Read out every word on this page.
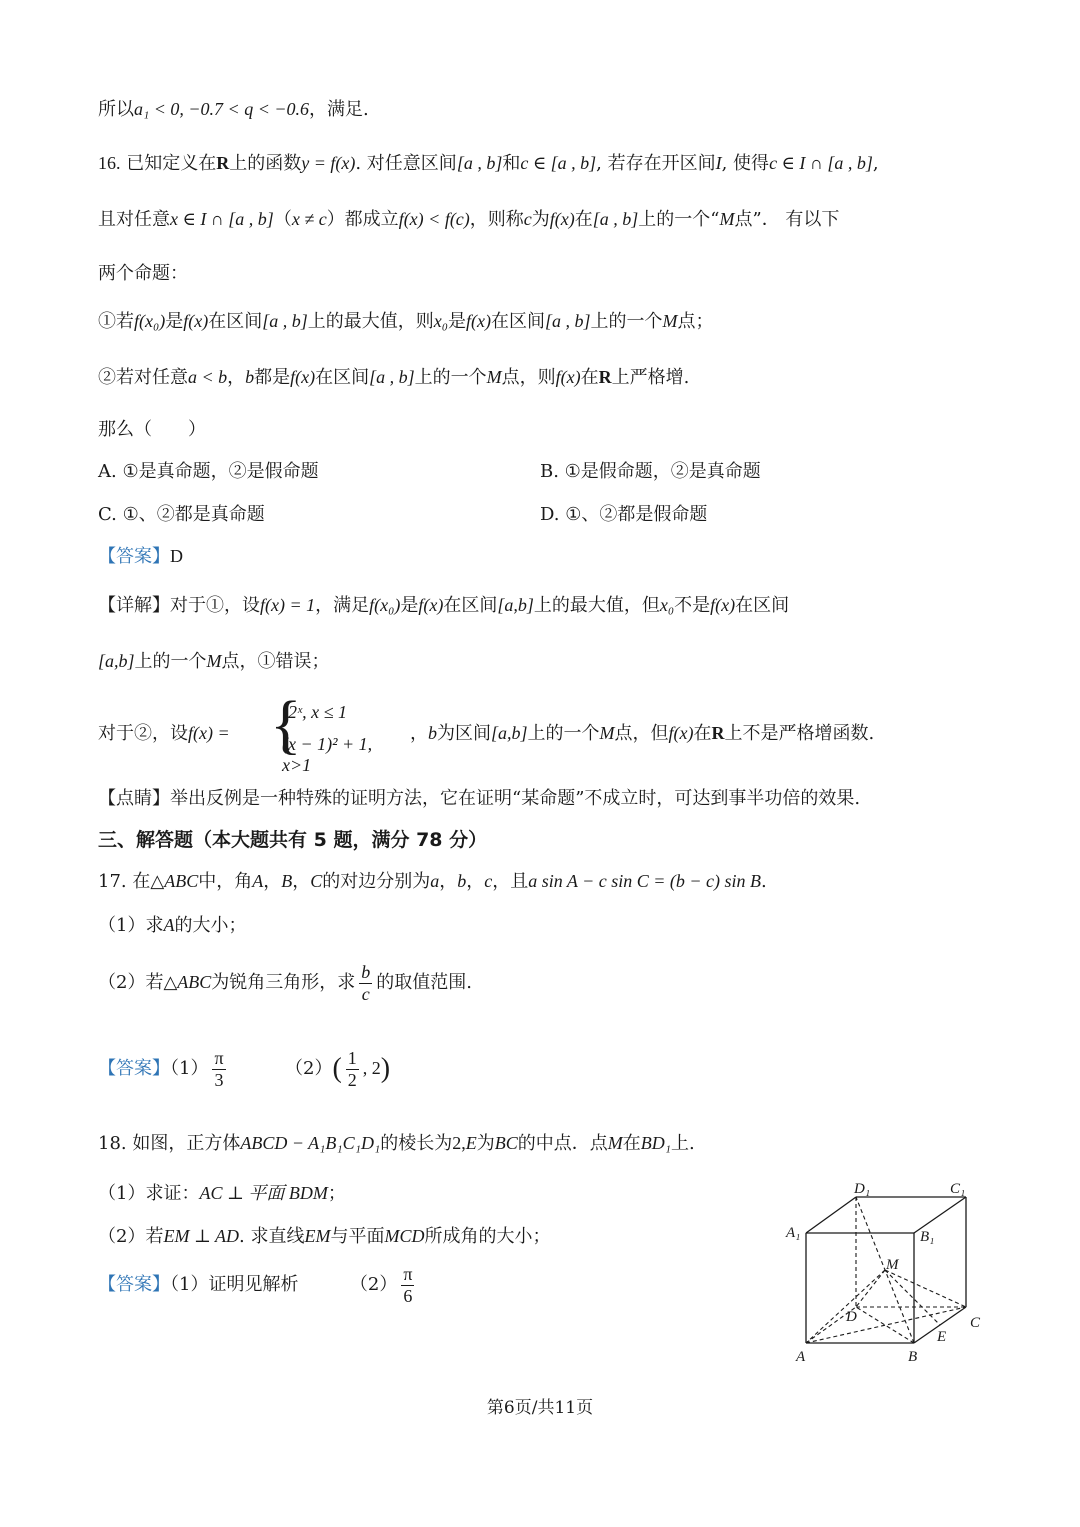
所以a₁ < 0, −0.7 < q < −0.6，满足.
16. 已知定义在R上的函数y = f(x). 对任意区间[a , b]和c ∈ [a , b], 若存在开区间I, 使得c ∈ I ∩ [a , b],
且对任意x ∈ I ∩ [a , b]（x ≠ c）都成立f(x) < f(c)，则称c为f(x)在[a , b]上的一个“M点”． 有以下
两个命题：
①若f(x₀)是f(x)在区间[a , b]上的最大值，则x₀是f(x)在区间[a , b]上的一个M点；
②若对任意a < b，b都是f(x)在区间[a , b]上的一个M点，则f(x)在R上严格增.
那么（　　）
A. ①是真命题，②是假命题	B. ①是假命题，②是真命题
C. ①、②都是真命题	D. ①、②都是假命题
【答案】D
【详解】对于①，设f(x) = 1，满足f(x₀)是f(x)在区间[a,b]上的最大值，但x₀不是f(x)在区间
[a,b]上的一个M点，①错误；
对于②，设f(x) = {
2ˣ, x ≤ 1
(x − 1)² + 1, x>1
，b为区间[a,b]上的一个M点，但f(x)在R上不是严格增函数.
【点睛】举出反例是一种特殊的证明方法，它在证明“某命题”不成立时，可达到事半功倍的效果.
三、解答题（本大题共有 5 题，满分 78 分）
17. 在△ABC中，角A，B，C的对边分别为a，b，c，且a sin A − c sin C = (b − c) sin B.
（1）求A的大小；
（2）若△ABC为锐角三角形，求 $\frac{b}{c}$ 的取值范围.
【答案】$(1) \frac{\pi}{3}$	$(2)( \frac{1}{2}$ , 2)
18. 如图，正方体ABCD − A₁B₁C₁D₁的棱长为2,E为BC的中点．点M在BD₁上.
（1）求证：AC ⊥ 平面 BDM；
（2）若EM ⊥ AD. 求直线EM与平面MCD所成角的大小；
【答案】（1）证明见解析	$(2) \frac{\pi}{6}$
A	B
C
D
A₁	B₁
C₁
D₁
M
E
第6页/共11页
